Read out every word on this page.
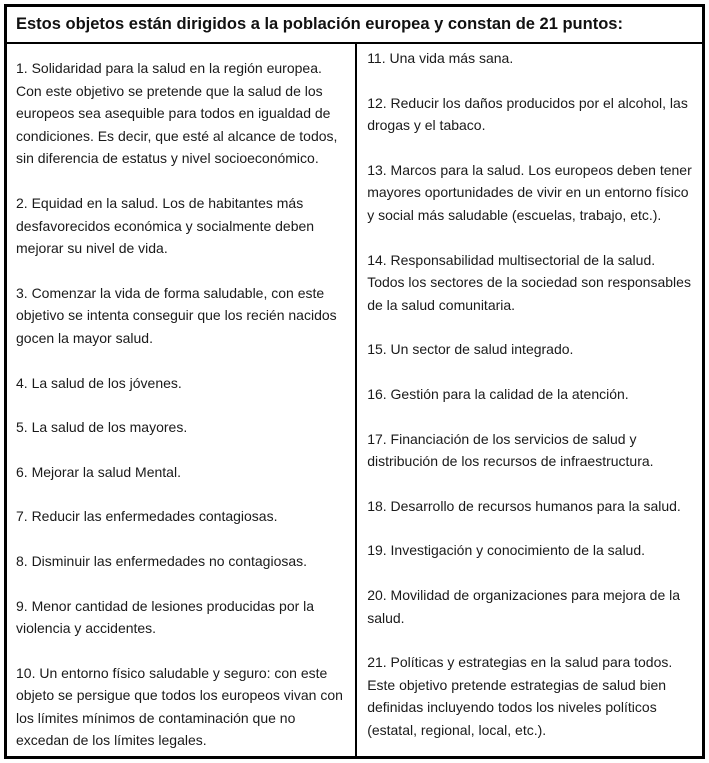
Estos objetos están dirigidos a la población europea y constan de 21 puntos:

1. Solidaridad para la salud en la región europea. Con este objetivo se pretende que la salud de los europeos sea asequible para todos en igualdad de condiciones. Es decir, que esté al alcance de todos, sin diferencia de estatus y nivel socioeconómico.

2. Equidad en la salud. Los de habitantes más desfavorecidos económica y socialmente deben mejorar su nivel de vida.

3. Comenzar la vida de forma saludable, con este objetivo se intenta conseguir que los recién nacidos gocen la mayor salud.

4. La salud de los jóvenes.

5. La salud de los mayores.

6. Mejorar la salud Mental.

7. Reducir las enfermedades contagiosas.

8. Disminuir las enfermedades no contagiosas.

9. Menor cantidad de lesiones producidas por la violencia y accidentes.

10. Un entorno físico saludable y seguro: con este objeto se persigue que todos los europeos vivan con los límites mínimos de contaminación que no excedan de los límites legales.

11. Una vida más sana.

12. Reducir los daños producidos por el alcohol, las drogas y el tabaco.

13. Marcos para la salud. Los europeos deben tener mayores oportunidades de vivir en un entorno físico y social más saludable (escuelas, trabajo, etc.).

14. Responsabilidad multisectorial de la salud. Todos los sectores de la sociedad son responsables de la salud comunitaria.

15. Un sector de salud integrado.

16. Gestión para la calidad de la atención.

17. Financiación de los servicios de salud y distribución de los recursos de infraestructura.

18. Desarrollo de recursos humanos para la salud.

19. Investigación y conocimiento de la salud.

20. Movilidad de organizaciones para mejora de la salud.

21. Políticas y estrategias en la salud para todos. Este objetivo pretende estrategias de salud bien definidas incluyendo todos los niveles políticos (estatal, regional, local, etc.).
